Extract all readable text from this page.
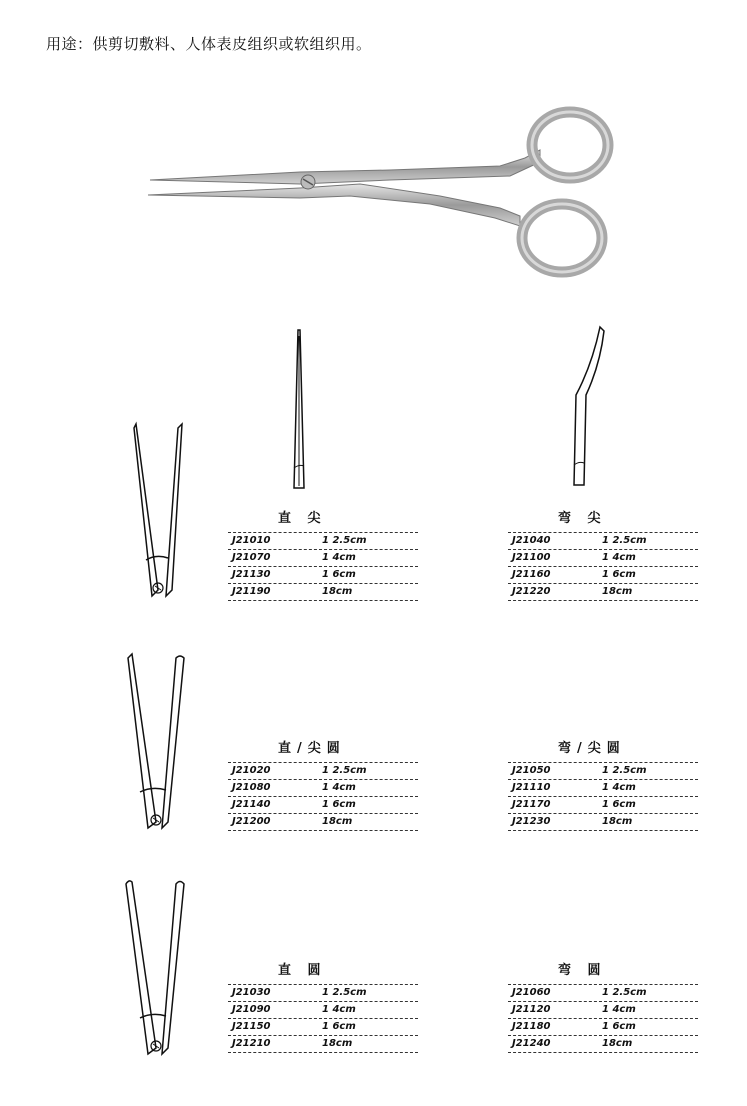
用途：供剪切敷料、人体表皮组织或软组织用。
直 尖
J21010	1 2.5cm
J21070	1 4cm
J21130	1 6cm
J21190	18cm
弯 尖
J21040	1 2.5cm
J21100	1 4cm
J21160	1 6cm
J21220	18cm
直/尖圆
J21020	1 2.5cm
J21080	1 4cm
J21140	1 6cm
J21200	18cm
弯/尖圆
J21050	1 2.5cm
J21110	1 4cm
J21170	1 6cm
J21230	18cm
直 圆
J21030	1 2.5cm
J21090	1 4cm
J21150	1 6cm
J21210	18cm
弯 圆
J21060	1 2.5cm
J21120	1 4cm
J21180	1 6cm
J21240	18cm
